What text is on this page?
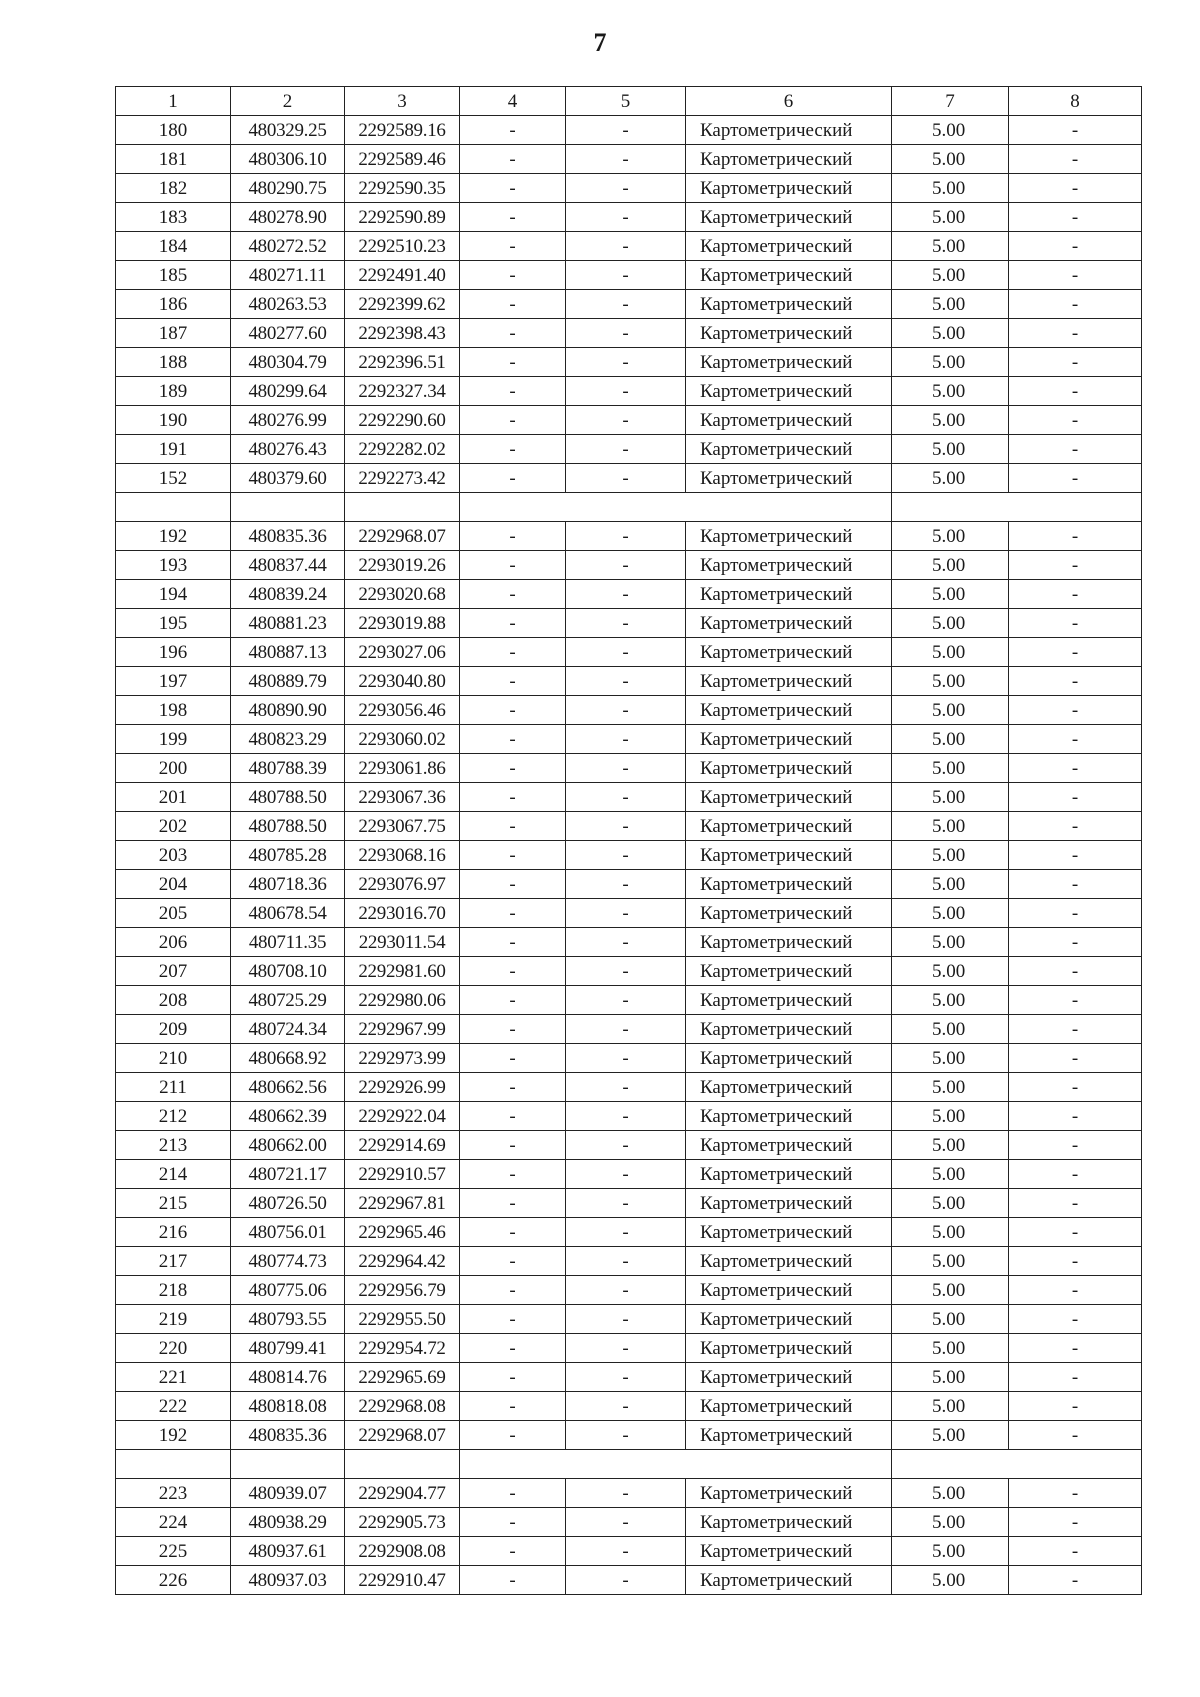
7
1	2	3	4	5	6	7	8
180	480329.25	2292589.16	-	-	Картометрический	5.00	-
181	480306.10	2292589.46	-	-	Картометрический	5.00	-
182	480290.75	2292590.35	-	-	Картометрический	5.00	-
183	480278.90	2292590.89	-	-	Картометрический	5.00	-
184	480272.52	2292510.23	-	-	Картометрический	5.00	-
185	480271.11	2292491.40	-	-	Картометрический	5.00	-
186	480263.53	2292399.62	-	-	Картометрический	5.00	-
187	480277.60	2292398.43	-	-	Картометрический	5.00	-
188	480304.79	2292396.51	-	-	Картометрический	5.00	-
189	480299.64	2292327.34	-	-	Картометрический	5.00	-
190	480276.99	2292290.60	-	-	Картометрический	5.00	-
191	480276.43	2292282.02	-	-	Картометрический	5.00	-
152	480379.60	2292273.42	-	-	Картометрический	5.00	-

192	480835.36	2292968.07	-	-	Картометрический	5.00	-
193	480837.44	2293019.26	-	-	Картометрический	5.00	-
194	480839.24	2293020.68	-	-	Картометрический	5.00	-
195	480881.23	2293019.88	-	-	Картометрический	5.00	-
196	480887.13	2293027.06	-	-	Картометрический	5.00	-
197	480889.79	2293040.80	-	-	Картометрический	5.00	-
198	480890.90	2293056.46	-	-	Картометрический	5.00	-
199	480823.29	2293060.02	-	-	Картометрический	5.00	-
200	480788.39	2293061.86	-	-	Картометрический	5.00	-
201	480788.50	2293067.36	-	-	Картометрический	5.00	-
202	480788.50	2293067.75	-	-	Картометрический	5.00	-
203	480785.28	2293068.16	-	-	Картометрический	5.00	-
204	480718.36	2293076.97	-	-	Картометрический	5.00	-
205	480678.54	2293016.70	-	-	Картометрический	5.00	-
206	480711.35	2293011.54	-	-	Картометрический	5.00	-
207	480708.10	2292981.60	-	-	Картометрический	5.00	-
208	480725.29	2292980.06	-	-	Картометрический	5.00	-
209	480724.34	2292967.99	-	-	Картометрический	5.00	-
210	480668.92	2292973.99	-	-	Картометрический	5.00	-
211	480662.56	2292926.99	-	-	Картометрический	5.00	-
212	480662.39	2292922.04	-	-	Картометрический	5.00	-
213	480662.00	2292914.69	-	-	Картометрический	5.00	-
214	480721.17	2292910.57	-	-	Картометрический	5.00	-
215	480726.50	2292967.81	-	-	Картометрический	5.00	-
216	480756.01	2292965.46	-	-	Картометрический	5.00	-
217	480774.73	2292964.42	-	-	Картометрический	5.00	-
218	480775.06	2292956.79	-	-	Картометрический	5.00	-
219	480793.55	2292955.50	-	-	Картометрический	5.00	-
220	480799.41	2292954.72	-	-	Картометрический	5.00	-
221	480814.76	2292965.69	-	-	Картометрический	5.00	-
222	480818.08	2292968.08	-	-	Картометрический	5.00	-
192	480835.36	2292968.07	-	-	Картометрический	5.00	-

223	480939.07	2292904.77	-	-	Картометрический	5.00	-
224	480938.29	2292905.73	-	-	Картометрический	5.00	-
225	480937.61	2292908.08	-	-	Картометрический	5.00	-
226	480937.03	2292910.47	-	-	Картометрический	5.00	-
